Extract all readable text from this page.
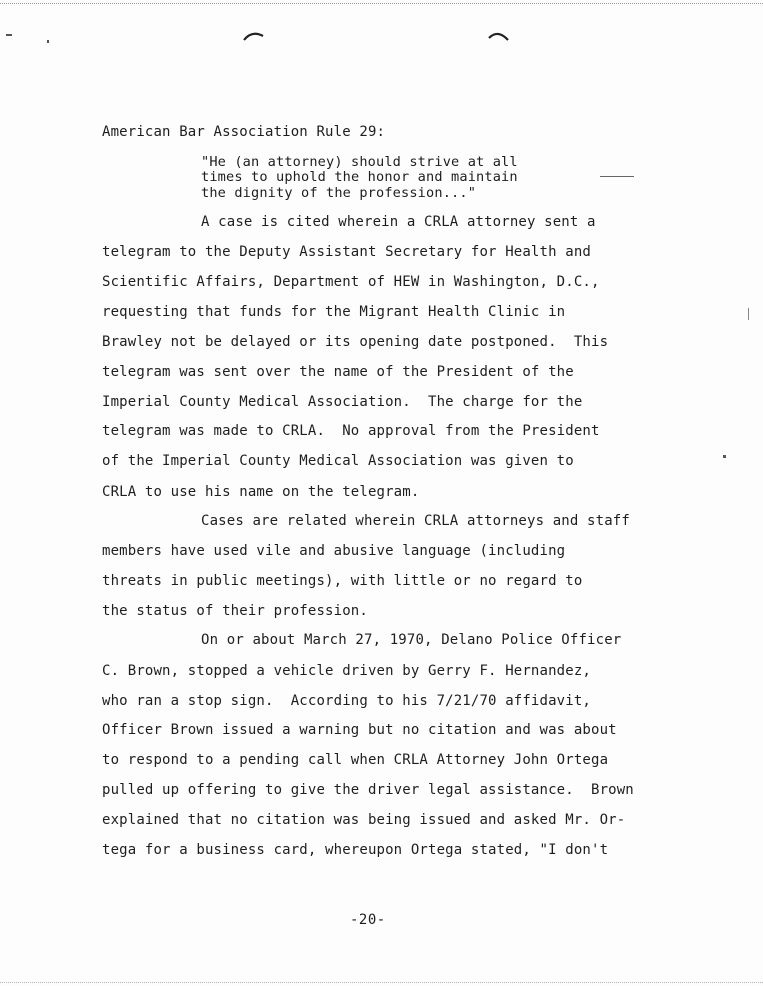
American Bar Association Rule 29:
"He (an attorney) should strive at all
times to uphold the honor and maintain
the dignity of the profession..."
A case is cited wherein a CRLA attorney sent a
telegram to the Deputy Assistant Secretary for Health and
Scientific Affairs, Department of HEW in Washington, D.C.,
requesting that funds for the Migrant Health Clinic in
Brawley not be delayed or its opening date postponed.  This
telegram was sent over the name of the President of the
Imperial County Medical Association.  The charge for the
telegram was made to CRLA.  No approval from the President
of the Imperial County Medical Association was given to
CRLA to use his name on the telegram.
Cases are related wherein CRLA attorneys and staff
members have used vile and abusive language (including
threats in public meetings), with little or no regard to
the status of their profession.
On or about March 27, 1970, Delano Police Officer
C. Brown, stopped a vehicle driven by Gerry F. Hernandez,
who ran a stop sign.  According to his 7/21/70 affidavit,
Officer Brown issued a warning but no citation and was about
to respond to a pending call when CRLA Attorney John Ortega
pulled up offering to give the driver legal assistance.  Brown
explained that no citation was being issued and asked Mr. Or-
tega for a business card, whereupon Ortega stated, "I don't
-20-
